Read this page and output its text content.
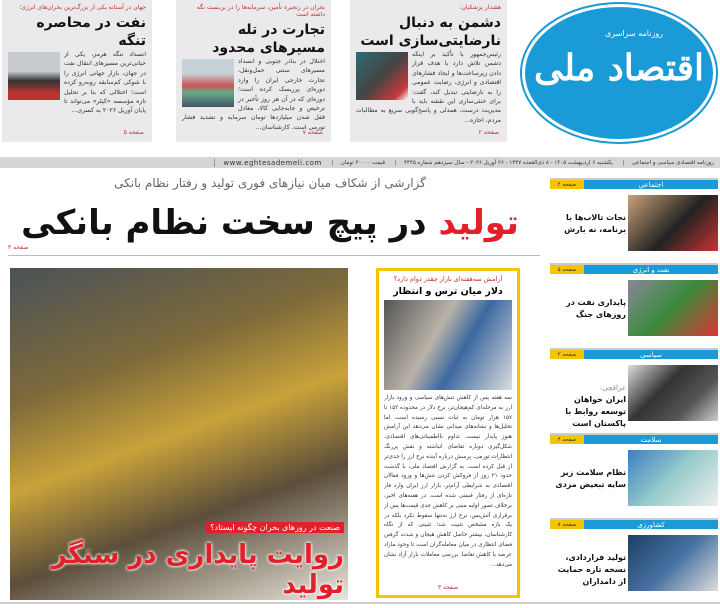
روزنامه سراسری
اقتصاد ملی
هشدار پزشکیان:
دشمن به دنبال نارضایتی‌سازی است
رئیس‌جمهور با تأکید بر اینکه دشمن تلاش دارد با هدف قرار دادن زیرساخت‌ها و ایجاد فشارهای اقتصادی و انرژی، رضایت عمومی را به نارضایتی تبدیل کند، گفت: برای خنثی‌سازی این نقشه باید با مدیریت درست، همدلی و پاسخ‌گویی سریع به مطالبات مردم، اجازه...
صفحه ۲
بحران در زنجیره تأمین، سرمایه‌ها را در بن‌بست نگه داشته است
تجارت در تله مسیرهای محدود
اختلال در بنادر جنوبی و انسداد مسیرهای سنتی حمل‌ونقل، تجارت خارجی ایران را وارد دوره‌ای پرریسک کرده است؛ دوره‌ای که در آن هر روز تأخیر در ترخیص و جابه‌جایی کالا، معادل قفل شدن میلیاردها تومان سرمایه و تشدید فشار تورمی است. کارشناسان...
صفحه ۷
جهان در آستانه یکی از بزرگ‌ترین بحران‌های انرژی؛
نفت در محاصره تنگه
انسداد تنگه هرمز، یکی از حیاتی‌ترین مسیرهای انتقال نفت در جهان، بازار جهانی انرژی را با شوکی کم‌سابقه روبه‌رو کرده است؛ اختلالی که بنا بر تحلیل تازه مؤسسه «کپلر» می‌تواند تا پایان آوریل ۲۰۲۶ به کسری...
صفحه ۵
روزنامه اقتصادی سیاسی و اجتماعی
یکشنبه ۶ اردیبهشت ۱۴۰۵ - ۸ ذی‌القعده ۱۴۴۷ - ۲۶ آوریل ۲۰۲۶ - سال سیزدهم شماره ۴۴۴۵
قیمت ۲۰۰۰۰ تومان
www.eghtesademeli.com
گزارشی از شکاف میان نیازهای فوری تولید و رفتار نظام بانکی
تولید در پیچ سخت نظام بانکی
صفحه ۳
صنعت در روزهای بحران چگونه ایستاد؟
روایت پایداری در سنگر تولید
آرامش سه‌هفته‌ای بازار چقدر دوام دارد؟
دلار میان ترس و انتظار
سه هفته پس از کاهش تنش‌های سیاسی و ورود بازار ارز به مرحله‌ای کم‌هیجان‌تر، نرخ دلار در محدوده ۱۵۳ تا ۱۵۷ هزار تومان به ثبات نسبی رسیده است، اما تحلیل‌ها و نشانه‌های میدانی نشان می‌دهد این آرامش هنوز پایدار نیست. تداوم نااطمینانی‌های اقتصادی، شکل‌گیری دوباره تقاضای انباشته و نقش پررنگ انتظارات تورمی، پرسش درباره آینده نرخ ارز را جدی‌تر از قبل کرده است. به گزارش اقتصاد ملی، با گذشت حدود ۲۱ روز از فروکش کردن تنش‌ها و ورود فعالان اقتصادی به شرایطی آرام‌تر، بازار ارز ایران وارد فاز تازه‌ای از رفتار قیمتی شده است. در هفته‌های اخیر، برخلاف تصور اولیه مبنی بر کاهش جدی قیمت‌ها پس از برقراری آتش‌بس، نرخ ارز نه‌تنها سقوط نکرد بلکه در یک بازه مشخص تثبیت شد؛ تثبیتی که از نگاه کارشناسان، بیشتر حاصل کاهش هیجان و شدت گرفتن فضای انتظاری در میان معامله‌گران است تا وجود مازاد عرضه یا کاهش تقاضا. بررسی معاملات بازار آزاد نشان می‌دهد...
صفحه ۳
اجتماعی
صفحه ۴
نجات تالاب‌ها با برنامه، نه بارش
نفت و انرژی
صفحه ۵
پایداری نفت در روزهای جنگ
سیاسی
صفحه ۲
عراقچی:
ایران خواهان توسعه روابط با پاکستان است
سلامت
صفحه ۴
نظام سلامت زیر سایه تبعیض مزدی
کشاورزی
صفحه ۸
تولید فراردادی، نسخه تازه حمایت از دامداران
